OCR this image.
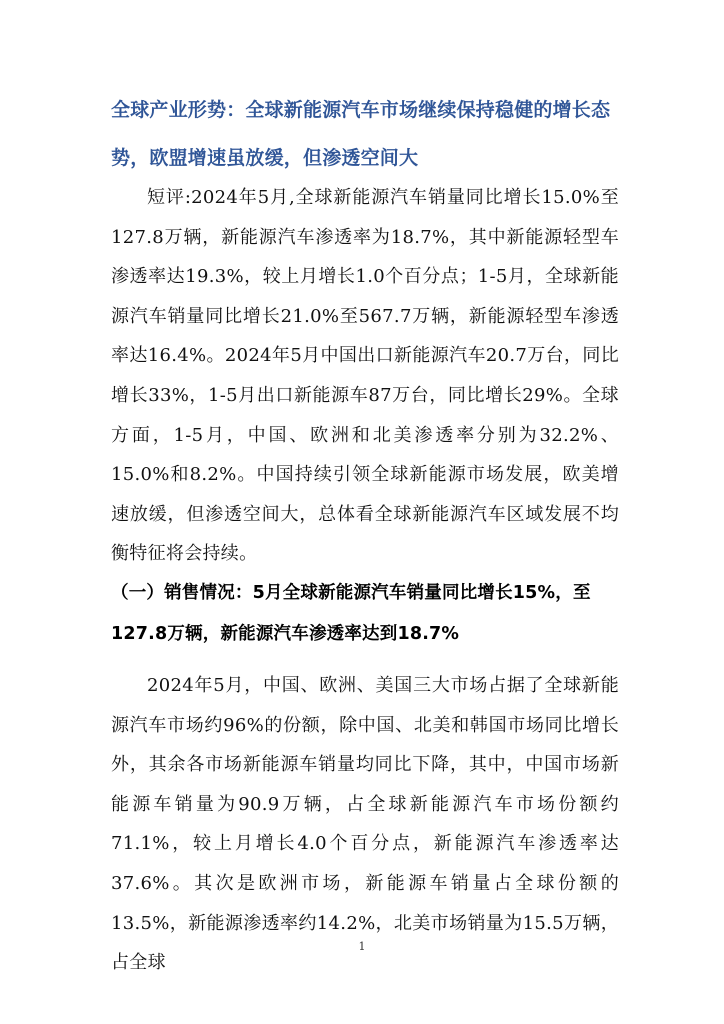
全球产业形势：全球新能源汽车市场继续保持稳健的增长态势，欧盟增速虽放缓，但渗透空间大
短评:2024年5月,全球新能源汽车销量同比增长15.0%至127.8万辆，新能源汽车渗透率为18.7%，其中新能源轻型车渗透率达19.3%，较上月增长1.0个百分点；1-5月，全球新能源汽车销量同比增长21.0%至567.7万辆，新能源轻型车渗透率达16.4%。2024年5月中国出口新能源汽车20.7万台，同比增长33%，1-5月出口新能源车87万台，同比增长29%。全球方面，1-5月，中国、欧洲和北美渗透率分别为32.2%、15.0%和8.2%。中国持续引领全球新能源市场发展，欧美增速放缓，但渗透空间大，总体看全球新能源汽车区域发展不均衡特征将会持续。
（一）销售情况：5月全球新能源汽车销量同比增长15%，至127.8万辆，新能源汽车渗透率达到18.7%
2024年5月，中国、欧洲、美国三大市场占据了全球新能源汽车市场约96%的份额，除中国、北美和韩国市场同比增长外，其余各市场新能源车销量均同比下降，其中，中国市场新能源车销量为90.9万辆，占全球新能源汽车市场份额约71.1%，较上月增长4.0个百分点，新能源汽车渗透率达37.6%。其次是欧洲市场，新能源车销量占全球份额的13.5%，新能源渗透率约14.2%，北美市场销量为15.5万辆，占全球
1
